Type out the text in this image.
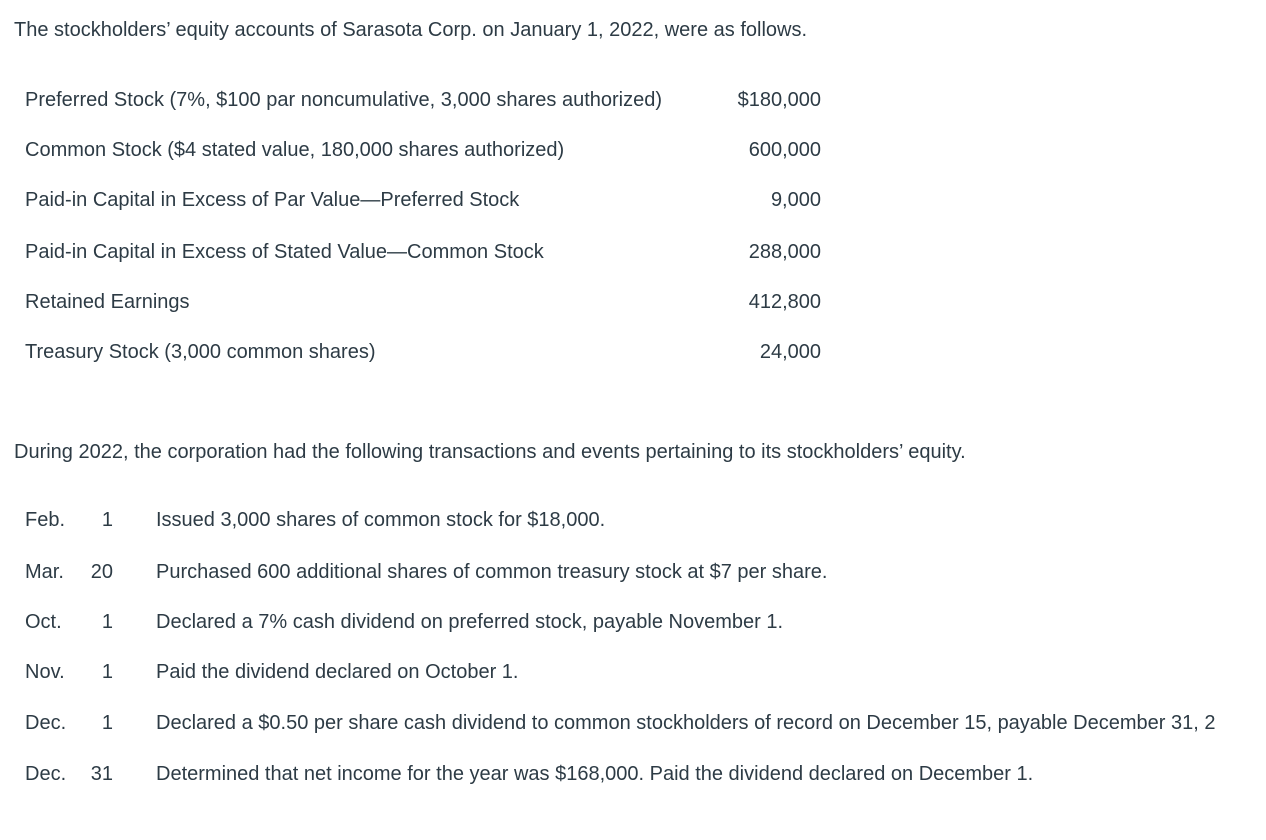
The stockholders’ equity accounts of Sarasota Corp. on January 1, 2022, were as follows.
Preferred Stock (7%, $100 par noncumulative, 3,000 shares authorized)	$180,000
Common Stock ($4 stated value, 180,000 shares authorized)	600,000
Paid-in Capital in Excess of Par Value—Preferred Stock	9,000
Paid-in Capital in Excess of Stated Value—Common Stock	288,000
Retained Earnings	412,800
Treasury Stock (3,000 common shares)	24,000
During 2022, the corporation had the following transactions and events pertaining to its stockholders’ equity.
Feb.	1 Issued 3,000 shares of common stock for $18,000.
Mar.	20 Purchased 600 additional shares of common treasury stock at $7 per share.
Oct.	1 Declared a 7% cash dividend on preferred stock, payable November 1.
Nov.	1 Paid the dividend declared on October 1.
Dec.	1 Declared a $0.50 per share cash dividend to common stockholders of record on December 15, payable December 31, 2
Dec.	31 Determined that net income for the year was $168,000. Paid the dividend declared on December 1.
